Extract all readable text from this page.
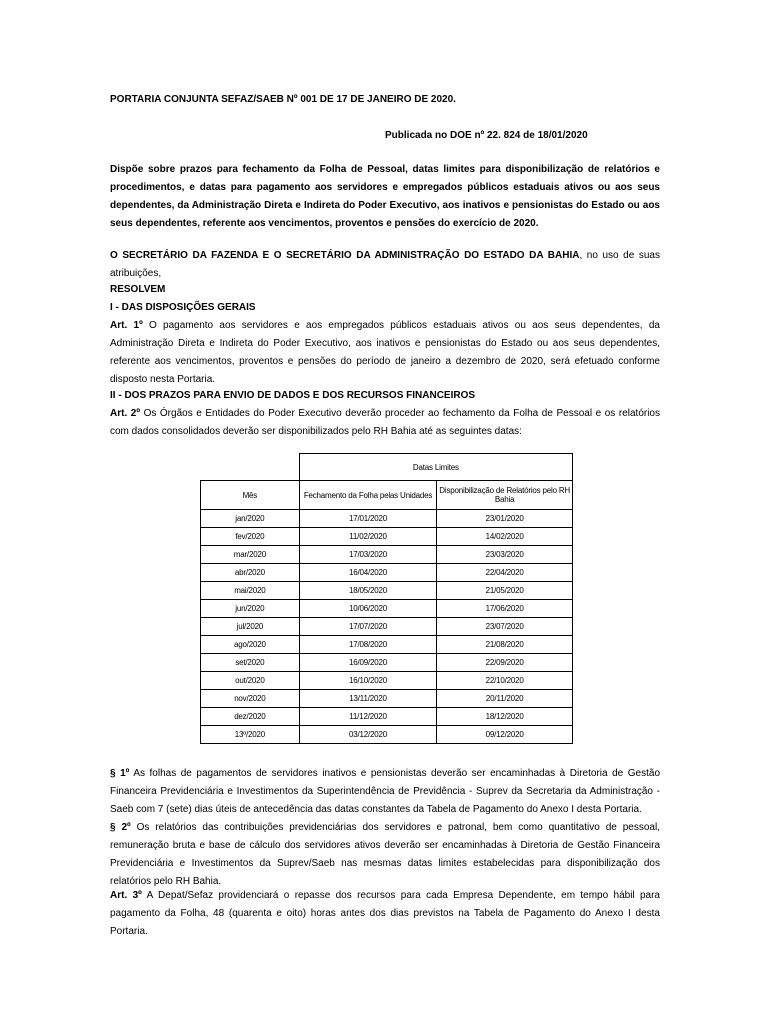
PORTARIA CONJUNTA SEFAZ/SAEB Nº 001 DE 17 DE JANEIRO DE 2020.

Publicada no DOE nº 22. 824 de 18/01/2020

Dispõe sobre prazos para fechamento da Folha de Pessoal, datas limites para disponibilização de relatórios e procedimentos, e datas para pagamento aos servidores e empregados públicos estaduais ativos ou aos seus dependentes, da Administração Direta e Indireta do Poder Executivo, aos inativos e pensionistas do Estado ou aos seus dependentes, referente aos vencimentos, proventos e pensões do exercício de 2020.

O SECRETÁRIO DA FAZENDA E O SECRETÁRIO DA ADMINISTRAÇÃO DO ESTADO DA BAHIA, no uso de suas atribuições,

RESOLVEM

I - DAS DISPOSIÇÕES GERAIS

Art. 1º O pagamento aos servidores e aos empregados públicos estaduais ativos ou aos seus dependentes, da Administração Direta e Indireta do Poder Executivo, aos inativos e pensionistas do Estado ou aos seus dependentes, referente aos vencimentos, proventos e pensões do período de janeiro a dezembro de 2020, será efetuado conforme disposto nesta Portaria.

II - DOS PRAZOS PARA ENVIO DE DADOS E DOS RECURSOS FINANCEIROS

Art. 2º Os Órgãos e Entidades do Poder Executivo deverão proceder ao fechamento da Folha de Pessoal e os relatórios com dados consolidados deverão ser disponibilizados pelo RH Bahia até as seguintes datas:

	Datas Limites	
Mês	Fechamento da Folha pelas Unidades	Disponibilização de Relatórios pelo RH Bahia
jan/2020	17/01/2020	23/01/2020
fev/2020	11/02/2020	14/02/2020
mar/2020	17/03/2020	23/03/2020
abr/2020	16/04/2020	22/04/2020
mai/2020	18/05/2020	21/05/2020
jun/2020	10/06/2020	17/06/2020
jul/2020	17/07/2020	23/07/2020
ago/2020	17/08/2020	21/08/2020
set/2020	16/09/2020	22/09/2020
out/2020	16/10/2020	22/10/2020
nov/2020	13/11/2020	20/11/2020
dez/2020	11/12/2020	18/12/2020
13º/2020	03/12/2020	09/12/2020

§ 1º As folhas de pagamentos de servidores inativos e pensionistas deverão ser encaminhadas à Diretoria de Gestão Financeira Previdenciária e Investimentos da Superintendência de Previdência - Suprev da Secretaria da Administração - Saeb com 7 (sete) dias úteis de antecedência das datas constantes da Tabela de Pagamento do Anexo I desta Portaria.

§ 2º Os relatórios das contribuições previdenciárias dos servidores e patronal, bem como quantitativo de pessoal, remuneração bruta e base de cálculo dos servidores ativos deverão ser encaminhadas à Diretoria de Gestão Financeira Previdenciária e Investimentos da Suprev/Saeb nas mesmas datas limites estabelecidas para disponibilização dos relatórios pelo RH Bahia.

Art. 3º A Depat/Sefaz providenciará o repasse dos recursos para cada Empresa Dependente, em tempo hábil para pagamento da Folha, 48 (quarenta e oito) horas antes dos dias previstos na Tabela de Pagamento do Anexo I desta Portaria.
